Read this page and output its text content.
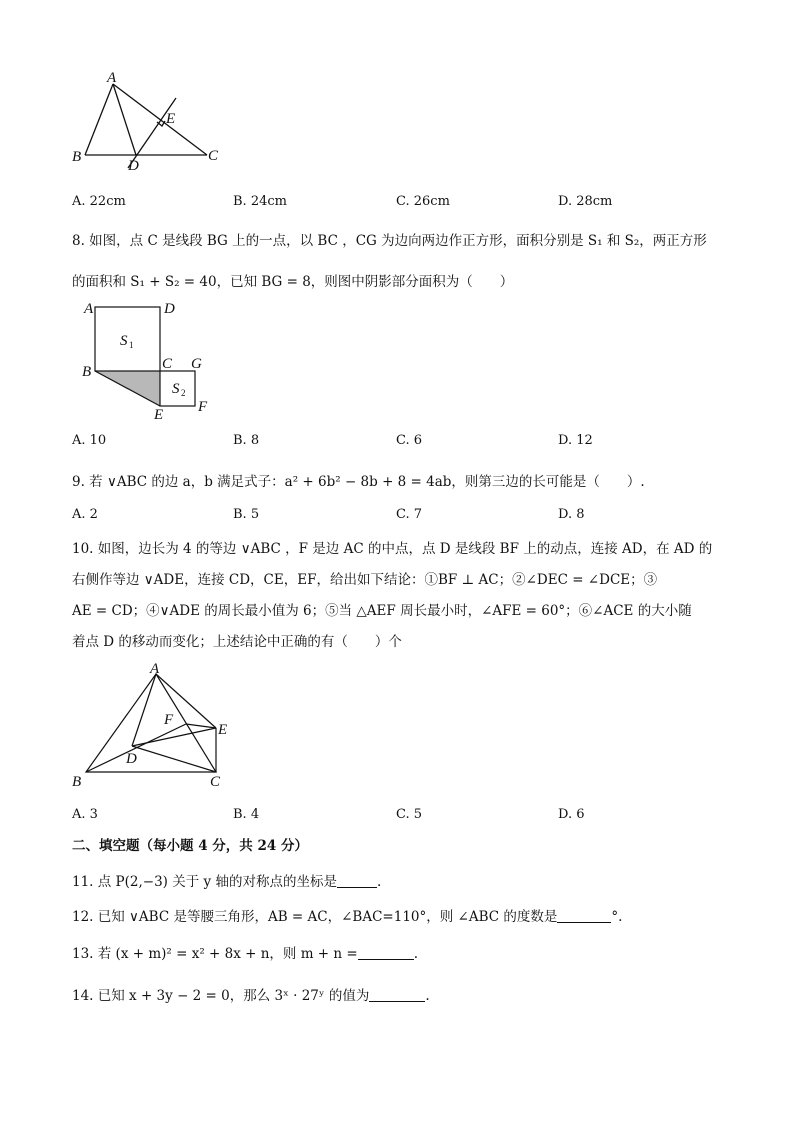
A
B	C
D
E
A. 22cm	B. 24cm	C. 26cm	D. 28cm
8. 如图，点 C 是线段 BG 上的一点，以 BC ，CG 为边向两边作正方形，面积分别是 S₁ 和 S₂，两正方形
的面积和 S₁ + S₂ = 40，已知 BG = 8，则图中阴影部分面积为（　　）
A	D
B	C G
E F
S 1
S 2
A. 10	B. 8	C. 6	D. 12
9. 若 ∨ABC 的边 a，b 满足式子：a² + 6b² − 8b + 8 = 4ab，则第三边的长可能是（　　）.
A. 2	B. 5	C. 7	D. 8
10. 如图，边长为 4 的等边 ∨ABC ，F 是边 AC 的中点，点 D 是线段 BF 上的动点，连接 AD，在 AD 的
右侧作等边 ∨ADE，连接 CD，CE，EF，给出如下结论：①BF ⊥ AC；②∠DEC = ∠DCE；③
AE = CD；④∨ADE 的周长最小值为 6；⑤当 △AEF 周长最小时，∠AFE = 60°；⑥∠ACE 的大小随
着点 D 的移动而变化；上述结论中正确的有（　　）个
A
B	C
D
E
F
A. 3	B. 4	C. 5	D. 6
二、填空题（每小题 4 分，共 24 分）
11. 点 P(2,−3) 关于 y 轴的对称点的坐标是	.
12. 已知 ∨ABC 是等腰三角形，AB = AC，∠BAC=110°，则 ∠ABC 的度数是	°.
13. 若 (x + m)² = x² + 8x + n，则 m + n =	.
14. 已知 x + 3y − 2 = 0，那么 3ˣ · 27ʸ 的值为	.
